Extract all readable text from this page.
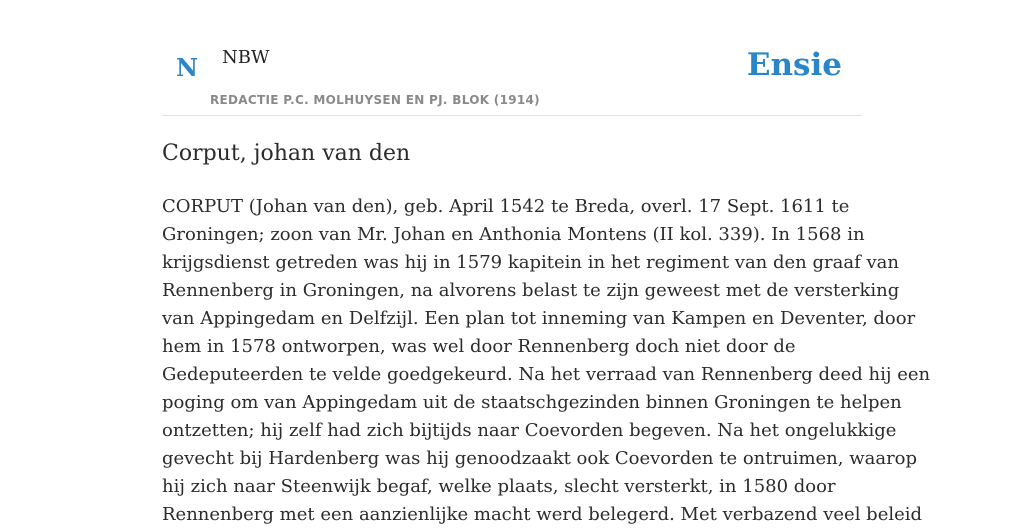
N NBW
REDACTIE P.C. MOLHUYSEN EN PJ. BLOK (1914)
Ensie
Corput, johan van den

CORPUT (Johan van den), geb. April 1542 te Breda, overl. 17 Sept. 1611 te
Groningen; zoon van Mr. Johan en Anthonia Montens (II kol. 339). In 1568 in
krijgsdienst getreden was hij in 1579 kapitein in het regiment van den graaf van
Rennenberg in Groningen, na alvorens belast te zijn geweest met de versterking
van Appingedam en Delfzijl. Een plan tot inneming van Kampen en Deventer, door
hem in 1578 ontworpen, was wel door Rennenberg doch niet door de
Gedeputeerden te velde goedgekeurd. Na het verraad van Rennenberg deed hij een
poging om van Appingedam uit de staatschgezinden binnen Groningen te helpen
ontzetten; hij zelf had zich bijtijds naar Coevorden begeven. Na het ongelukkige
gevecht bij Hardenberg was hij genoodzaakt ook Coevorden te ontruimen, waarop
hij zich naar Steenwijk begaf, welke plaats, slecht versterkt, in 1580 door
Rennenberg met een aanzienlijke macht werd belegerd. Met verbazend veel beleid
